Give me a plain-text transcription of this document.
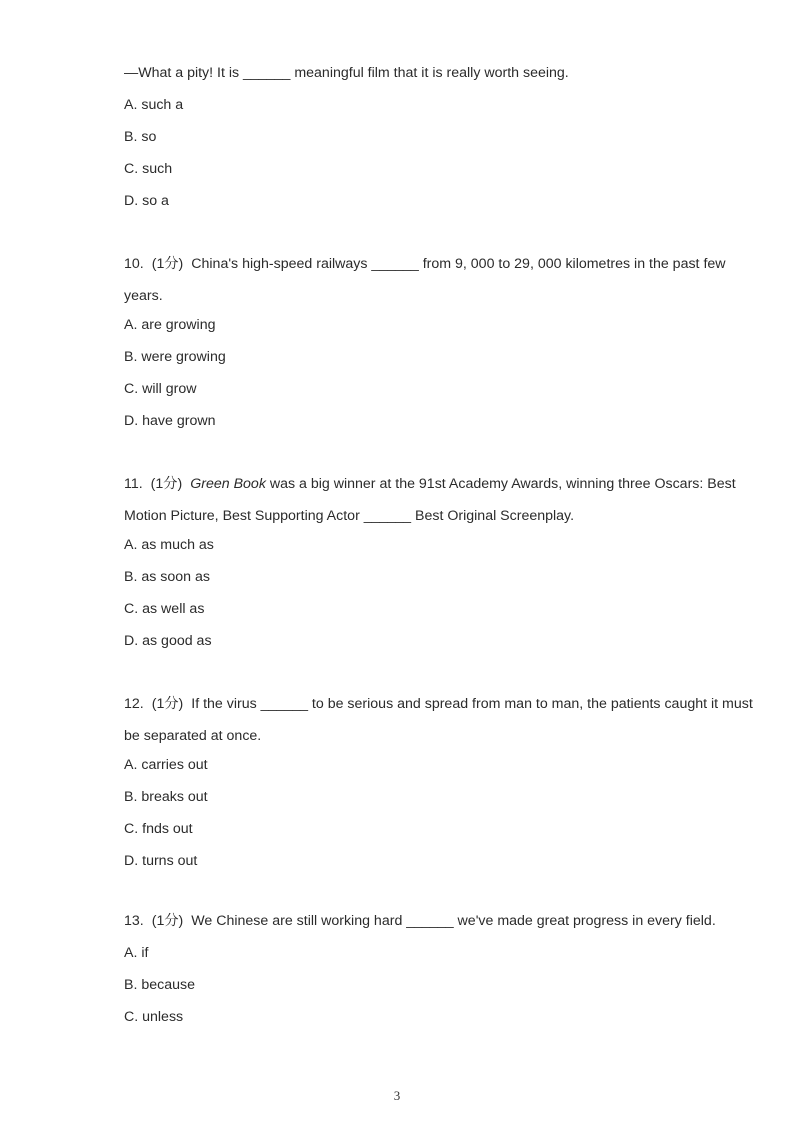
—What a pity! It is ______ meaningful film that it is really worth seeing.
A. such a
B. so
C. such
D. so a
10. (1分) China's high-speed railways ______ from 9, 000 to 29, 000 kilometres in the past few years.
A. are growing
B. were growing
C. will grow
D. have grown
11. (1分) Green Book was a big winner at the 91st Academy Awards, winning three Oscars: Best Motion Picture, Best Supporting Actor ______ Best Original Screenplay.
A. as much as
B. as soon as
C. as well as
D. as good as
12. (1分) If the virus ______ to be serious and spread from man to man, the patients caught it must be separated at once.
A. carries out
B. breaks out
C. fnds out
D. turns out
13. (1分) We Chinese are still working hard ______ we've made great progress in every field.
A. if
B. because
C. unless
3
